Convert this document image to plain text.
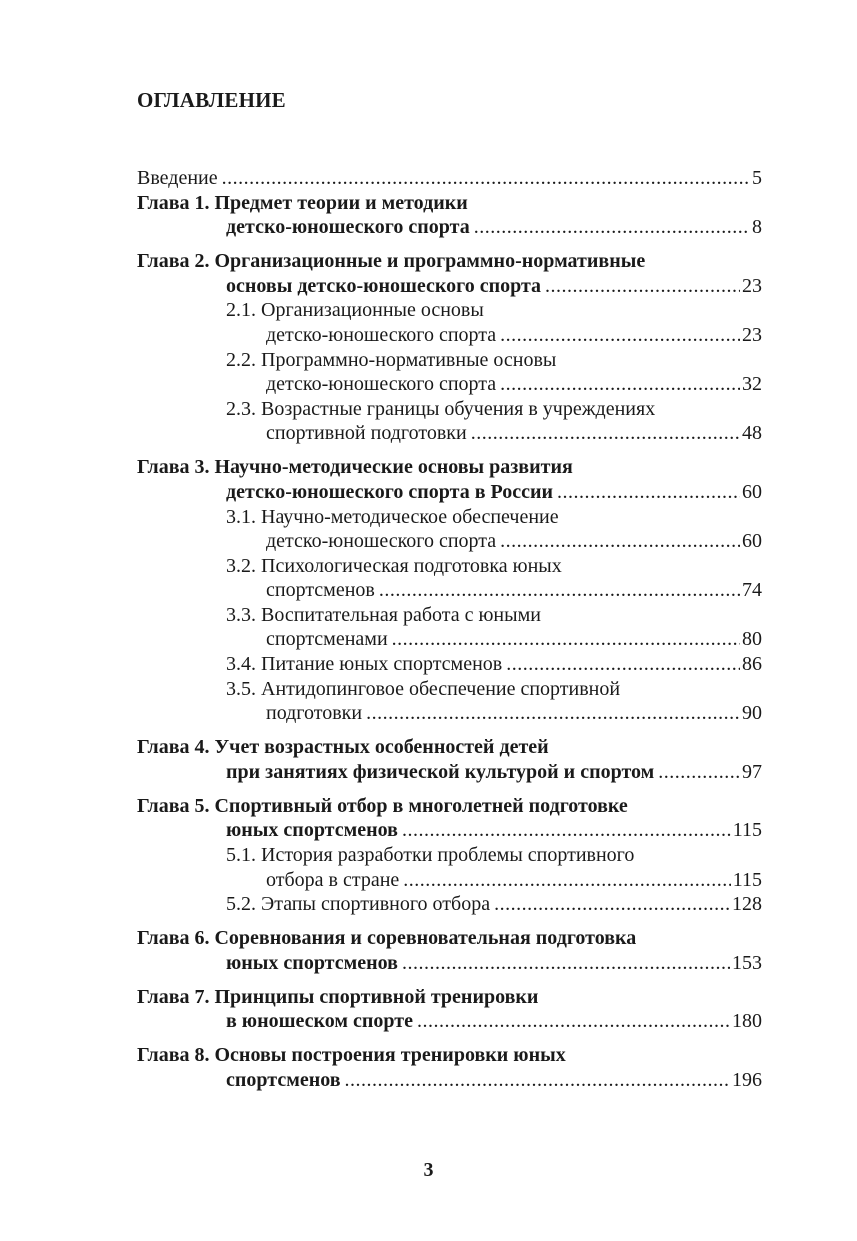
ОГЛАВЛЕНИЕ
Введение .....	5
Глава 1. Предмет теории и методики
детско-юношеского спорта .....	8
Глава 2. Организационные и программно-нормативные
основы детско-юношеского спорта .....	23
2.1. Организационные основы
детско-юношеского спорта .....	23
2.2. Программно-нормативные основы
детско-юношеского спорта .....	32
2.3. Возрастные границы обучения в учреждениях
спортивной подготовки .....	48
Глава 3. Научно-методические основы развития
детско-юношеского спорта в России .....	60
3.1. Научно-методическое обеспечение
детско-юношеского спорта .....	60
3.2. Психологическая подготовка юных
спортсменов .....	74
3.3. Воспитательная работа с юными
спортсменами .....	80
3.4. Питание юных спортсменов .....	86
3.5. Антидопинговое обеспечение спортивной
подготовки .....	90
Глава 4. Учет возрастных особенностей детей
при занятиях физической культурой и спортом .....	97
Глава 5. Спортивный отбор в многолетней подготовке
юных спортсменов .....	115
5.1. История разработки проблемы спортивного
отбора в стране .....	115
5.2. Этапы спортивного отбора .....	128
Глава 6. Соревнования и соревновательная подготовка
юных спортсменов .....	153
Глава 7. Принципы спортивной тренировки
в юношеском спорте .....	180
Глава 8. Основы построения тренировки юных
спортсменов .....	196
3
